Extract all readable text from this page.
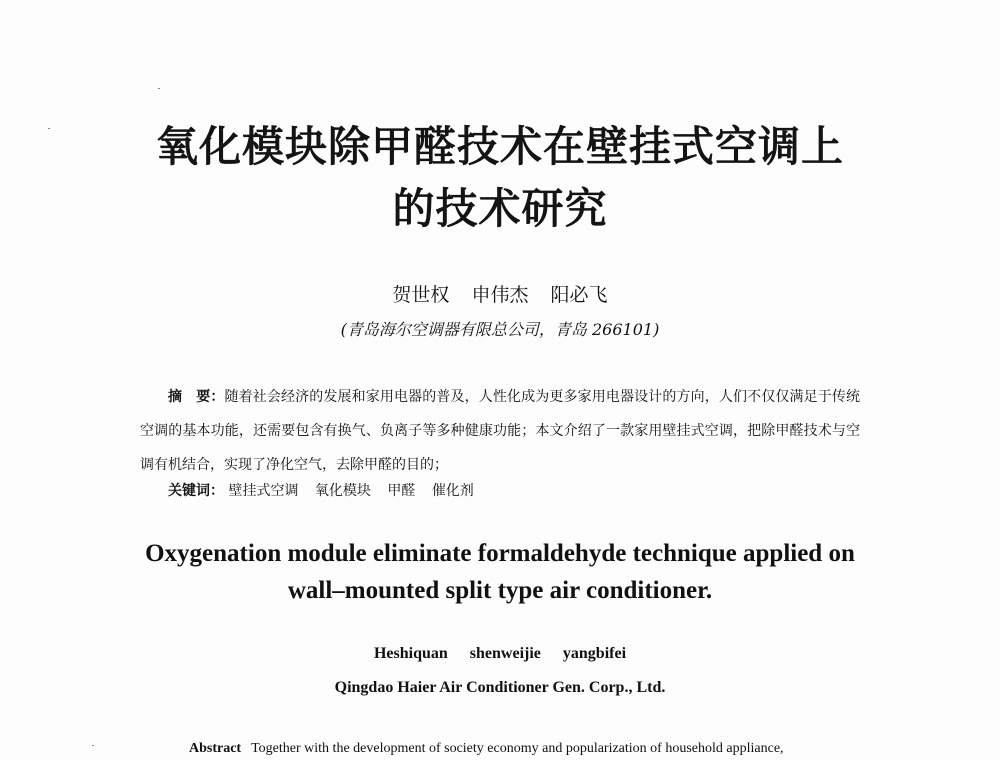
氧化模块除甲醛技术在壁挂式空调上
的技术研究
贺世权 申伟杰 阳必飞
(青岛海尔空调器有限总公司，青岛 266101)

摘　要：随着社会经济的发展和家用电器的普及，人性化成为更多家用电器设计的方向，人们不仅仅满足于传统空调的基本功能，还需要包含有换气、负离子等多种健康功能；本文介绍了一款家用壁挂式空调，把除甲醛技术与空调有机结合，实现了净化空气，去除甲醛的目的；

关键词： 壁挂式空调 氧化模块 甲醛 催化剂

Oxygenation module eliminate formaldehyde technique applied on
wall–mounted split type air conditioner.
Heshiquan shenweijie yangbifei
Qingdao Haier Air Conditioner Gen. Corp., Ltd.

Abstract Together with the development of society economy and popularization of household appliance,
